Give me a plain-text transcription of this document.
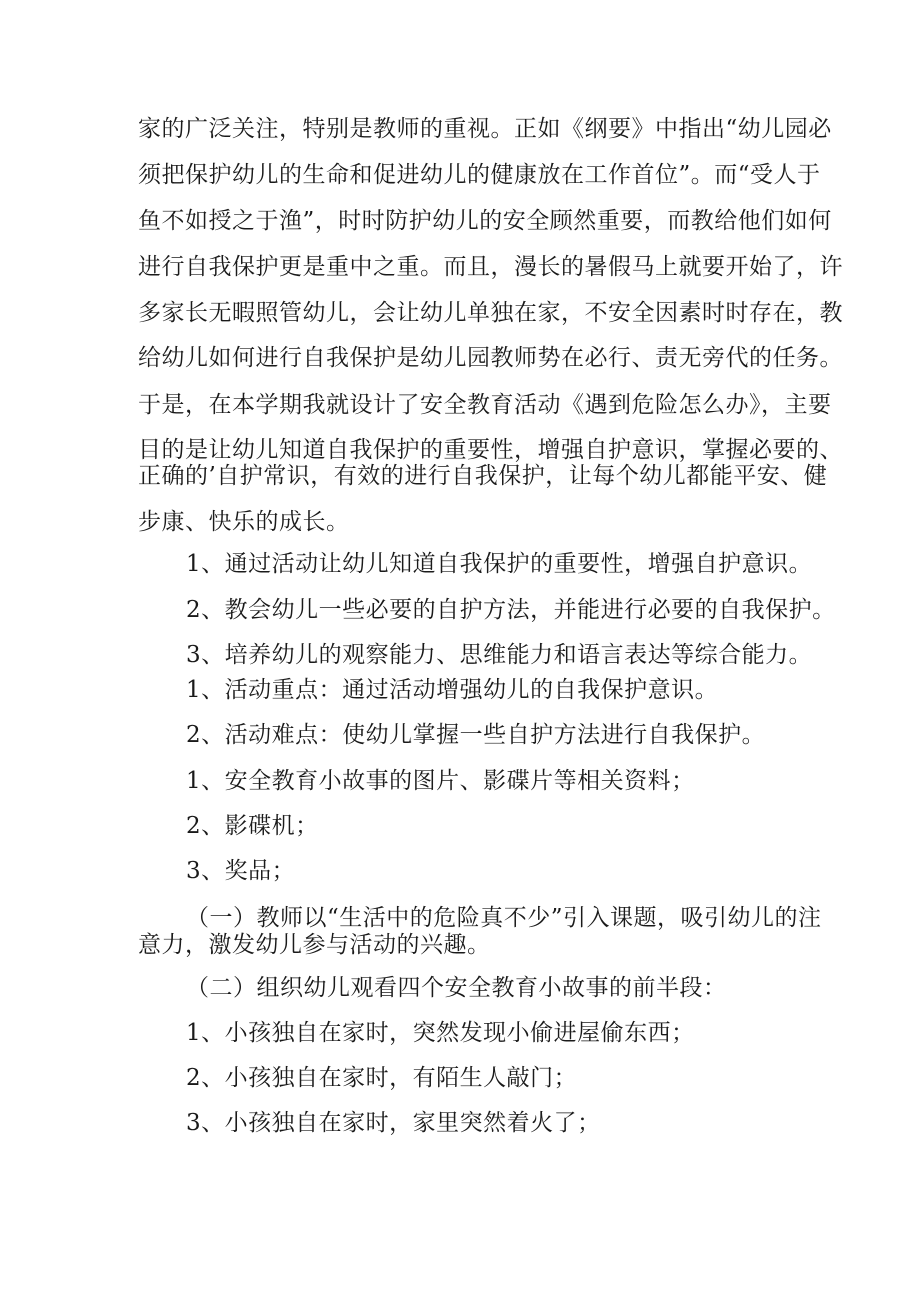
家的广泛关注，特别是教师的重视。正如《纲要》中指出“幼儿园必
须把保护幼儿的生命和促进幼儿的健康放在工作首位”。而“受人于
鱼不如授之于渔”，时时防护幼儿的安全顾然重要，而教给他们如何
进行自我保护更是重中之重。而且，漫长的暑假马上就要开始了，许
多家长无暇照管幼儿，会让幼儿单独在家，不安全因素时时存在，教
给幼儿如何进行自我保护是幼儿园教师势在必行、责无旁代的任务。
于是，在本学期我就设计了安全教育活动《遇到危险怎么办》，主要
目的是让幼儿知道自我保护的重要性，增强自护意识，掌握必要的、
正确的’自护常识，有效的进行自我保护，让每个幼儿都能平安、健
步康、快乐的成长。
1、通过活动让幼儿知道自我保护的重要性，增强自护意识。
2、教会幼儿一些必要的自护方法，并能进行必要的自我保护。
3、培养幼儿的观察能力、思维能力和语言表达等综合能力。
1、活动重点：通过活动增强幼儿的自我保护意识。
2、活动难点：使幼儿掌握一些自护方法进行自我保护。
1、安全教育小故事的图片、影碟片等相关资料；
2、影碟机；
3、奖品；
（一）教师以“生活中的危险真不少”引入课题，吸引幼儿的注
意力，激发幼儿参与活动的兴趣。
（二）组织幼儿观看四个安全教育小故事的前半段：
1、小孩独自在家时，突然发现小偷进屋偷东西；
2、小孩独自在家时，有陌生人敲门；
3、小孩独自在家时，家里突然着火了；
